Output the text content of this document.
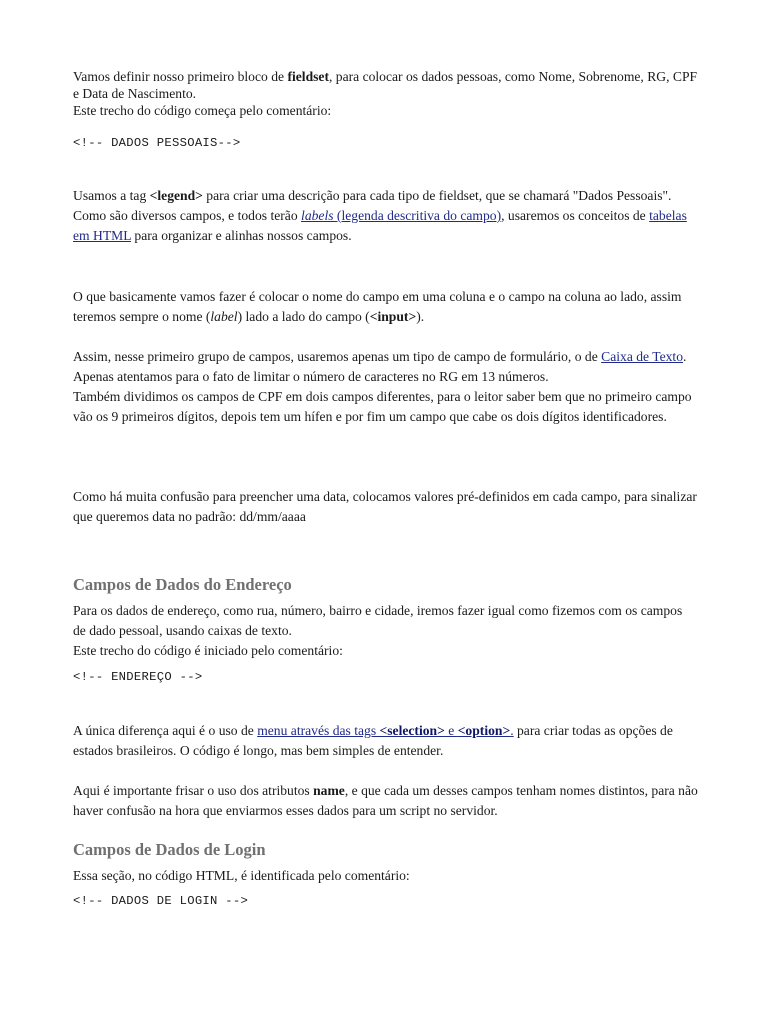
Vamos definir nosso primeiro bloco de fieldset, para colocar os dados pessoas, como Nome, Sobrenome, RG, CPF e Data de Nascimento.
Este trecho do código começa pelo comentário:

<!-- DADOS PESSOAIS-->

Usamos a tag <legend> para criar uma descrição para cada tipo de fieldset, que se chamará "Dados Pessoais".
Como são diversos campos, e todos terão labels (legenda descritiva do campo), usaremos os conceitos de tabelas em HTML para organizar e alinhas nossos campos.

O que basicamente vamos fazer é colocar o nome do campo em uma coluna e o campo na coluna ao lado, assim teremos sempre o nome (label) lado a lado do campo (<input>).

Assim, nesse primeiro grupo de campos, usaremos apenas um tipo de campo de formulário, o de Caixa de Texto. Apenas atentamos para o fato de limitar o número de caracteres no RG em 13 números.
Também dividimos os campos de CPF em dois campos diferentes, para o leitor saber bem que no primeiro campo vão os 9 primeiros dígitos, depois tem um hífen e por fim um campo que cabe os dois dígitos identificadores.

Como há muita confusão para preencher uma data, colocamos valores pré-definidos em cada campo, para sinalizar que queremos data no padrão: dd/mm/aaaa

Campos de Dados do Endereço

Para os dados de endereço, como rua, número, bairro e cidade, iremos fazer igual como fizemos com os campos de dado pessoal, usando caixas de texto.
Este trecho do código é iniciado pelo comentário:

<!-- ENDEREÇO -->

A única diferença aqui é o uso de menu através das tags <selection> e <option>. para criar todas as opções de estados brasileiros. O código é longo, mas bem simples de entender.

Aqui é importante frisar o uso dos atributos name, e que cada um desses campos tenham nomes distintos, para não haver confusão na hora que enviarmos esses dados para um script no servidor.

Campos de Dados de Login

Essa seção, no código HTML, é identificada pelo comentário:

<!-- DADOS DE LOGIN -->
